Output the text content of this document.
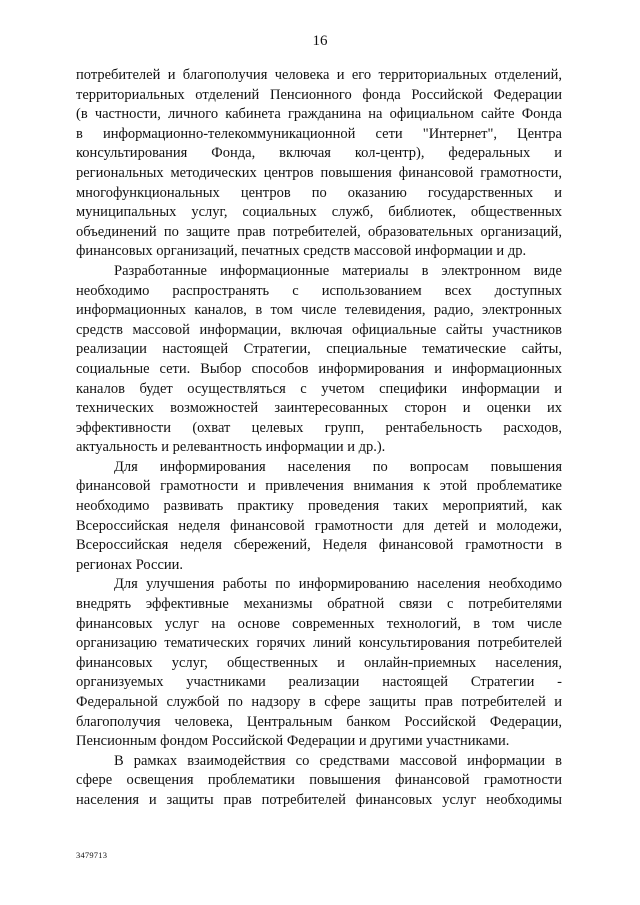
16

потребителей и благополучия человека и его территориальных отделений,
территориальных отделений Пенсионного фонда Российской Федерации
(в частности, личного кабинета гражданина на официальном сайте Фонда
в информационно-телекоммуникационной сети "Интернет", Центра
консультирования Фонда, включая кол-центр), федеральных и
региональных методических центров повышения финансовой грамотности,
многофункциональных центров по оказанию государственных и
муниципальных услуг, социальных служб, библиотек, общественных
объединений по защите прав потребителей, образовательных организаций,
финансовых организаций, печатных средств массовой информации и др.

Разработанные информационные материалы в электронном виде
необходимо распространять с использованием всех доступных
информационных каналов, в том числе телевидения, радио, электронных
средств массовой информации, включая официальные сайты участников
реализации настоящей Стратегии, специальные тематические сайты,
социальные сети. Выбор способов информирования и информационных
каналов будет осуществляться с учетом специфики информации и
технических возможностей заинтересованных сторон и оценки их
эффективности (охват целевых групп, рентабельность расходов,
актуальность и релевантность информации и др.).

Для информирования населения по вопросам повышения
финансовой грамотности и привлечения внимания к этой проблематике
необходимо развивать практику проведения таких мероприятий, как
Всероссийская неделя финансовой грамотности для детей и молодежи,
Всероссийская неделя сбережений, Неделя финансовой грамотности в
регионах России.

Для улучшения работы по информированию населения необходимо
внедрять эффективные механизмы обратной связи с потребителями
финансовых услуг на основе современных технологий, в том числе
организацию тематических горячих линий консультирования потребителей
финансовых услуг, общественных и онлайн-приемных населения,
организуемых участниками реализации настоящей Стратегии -
Федеральной службой по надзору в сфере защиты прав потребителей и
благополучия человека, Центральным банком Российской Федерации,
Пенсионным фондом Российской Федерации и другими участниками.

В рамках взаимодействия со средствами массовой информации в
сфере освещения проблематики повышения финансовой грамотности
населения и защиты прав потребителей финансовых услуг необходимы

3479713
